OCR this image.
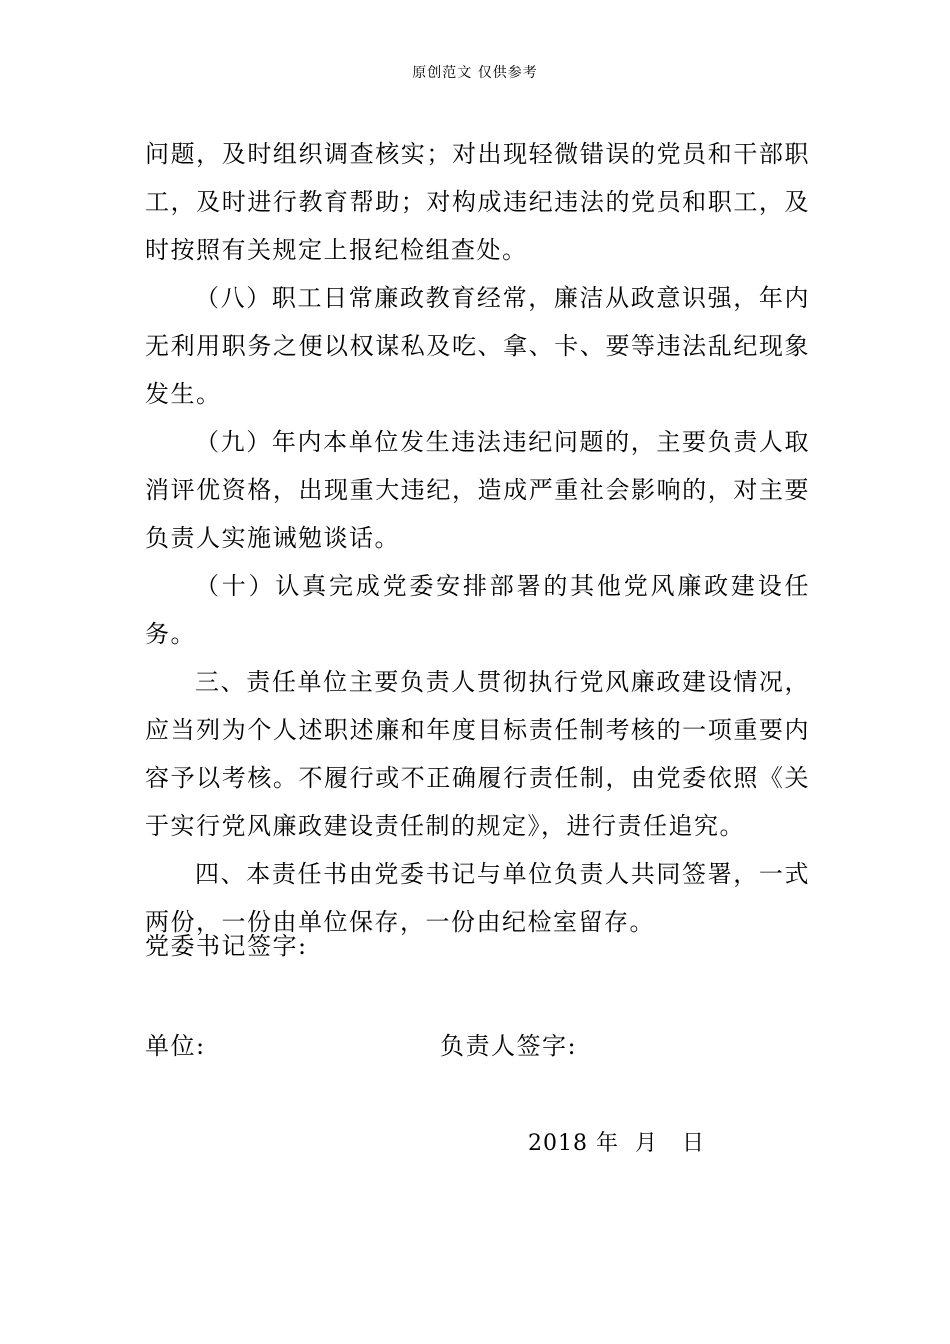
原创范文 仅供参考

问题，及时组织调查核实；对出现轻微错误的党员和干部职工，及时进行教育帮助；对构成违纪违法的党员和职工，及时按照有关规定上报纪检组查处。

（八）职工日常廉政教育经常，廉洁从政意识强，年内无利用职务之便以权谋私及吃、拿、卡、要等违法乱纪现象发生。

（九）年内本单位发生违法违纪问题的，主要负责人取消评优资格，出现重大违纪，造成严重社会影响的，对主要负责人实施诫勉谈话。

（十）认真完成党委安排部署的其他党风廉政建设任务。

三、责任单位主要负责人贯彻执行党风廉政建设情况，应当列为个人述职述廉和年度目标责任制考核的一项重要内容予以考核。不履行或不正确履行责任制，由党委依照《关于实行党风廉政建设责任制的规定》，进行责任追究。

四、本责任书由党委书记与单位负责人共同签署，一式两份，一份由单位保存，一份由纪检室留存。

党委书记签字:
单位:	负责人签字:
2018 年  月   日
